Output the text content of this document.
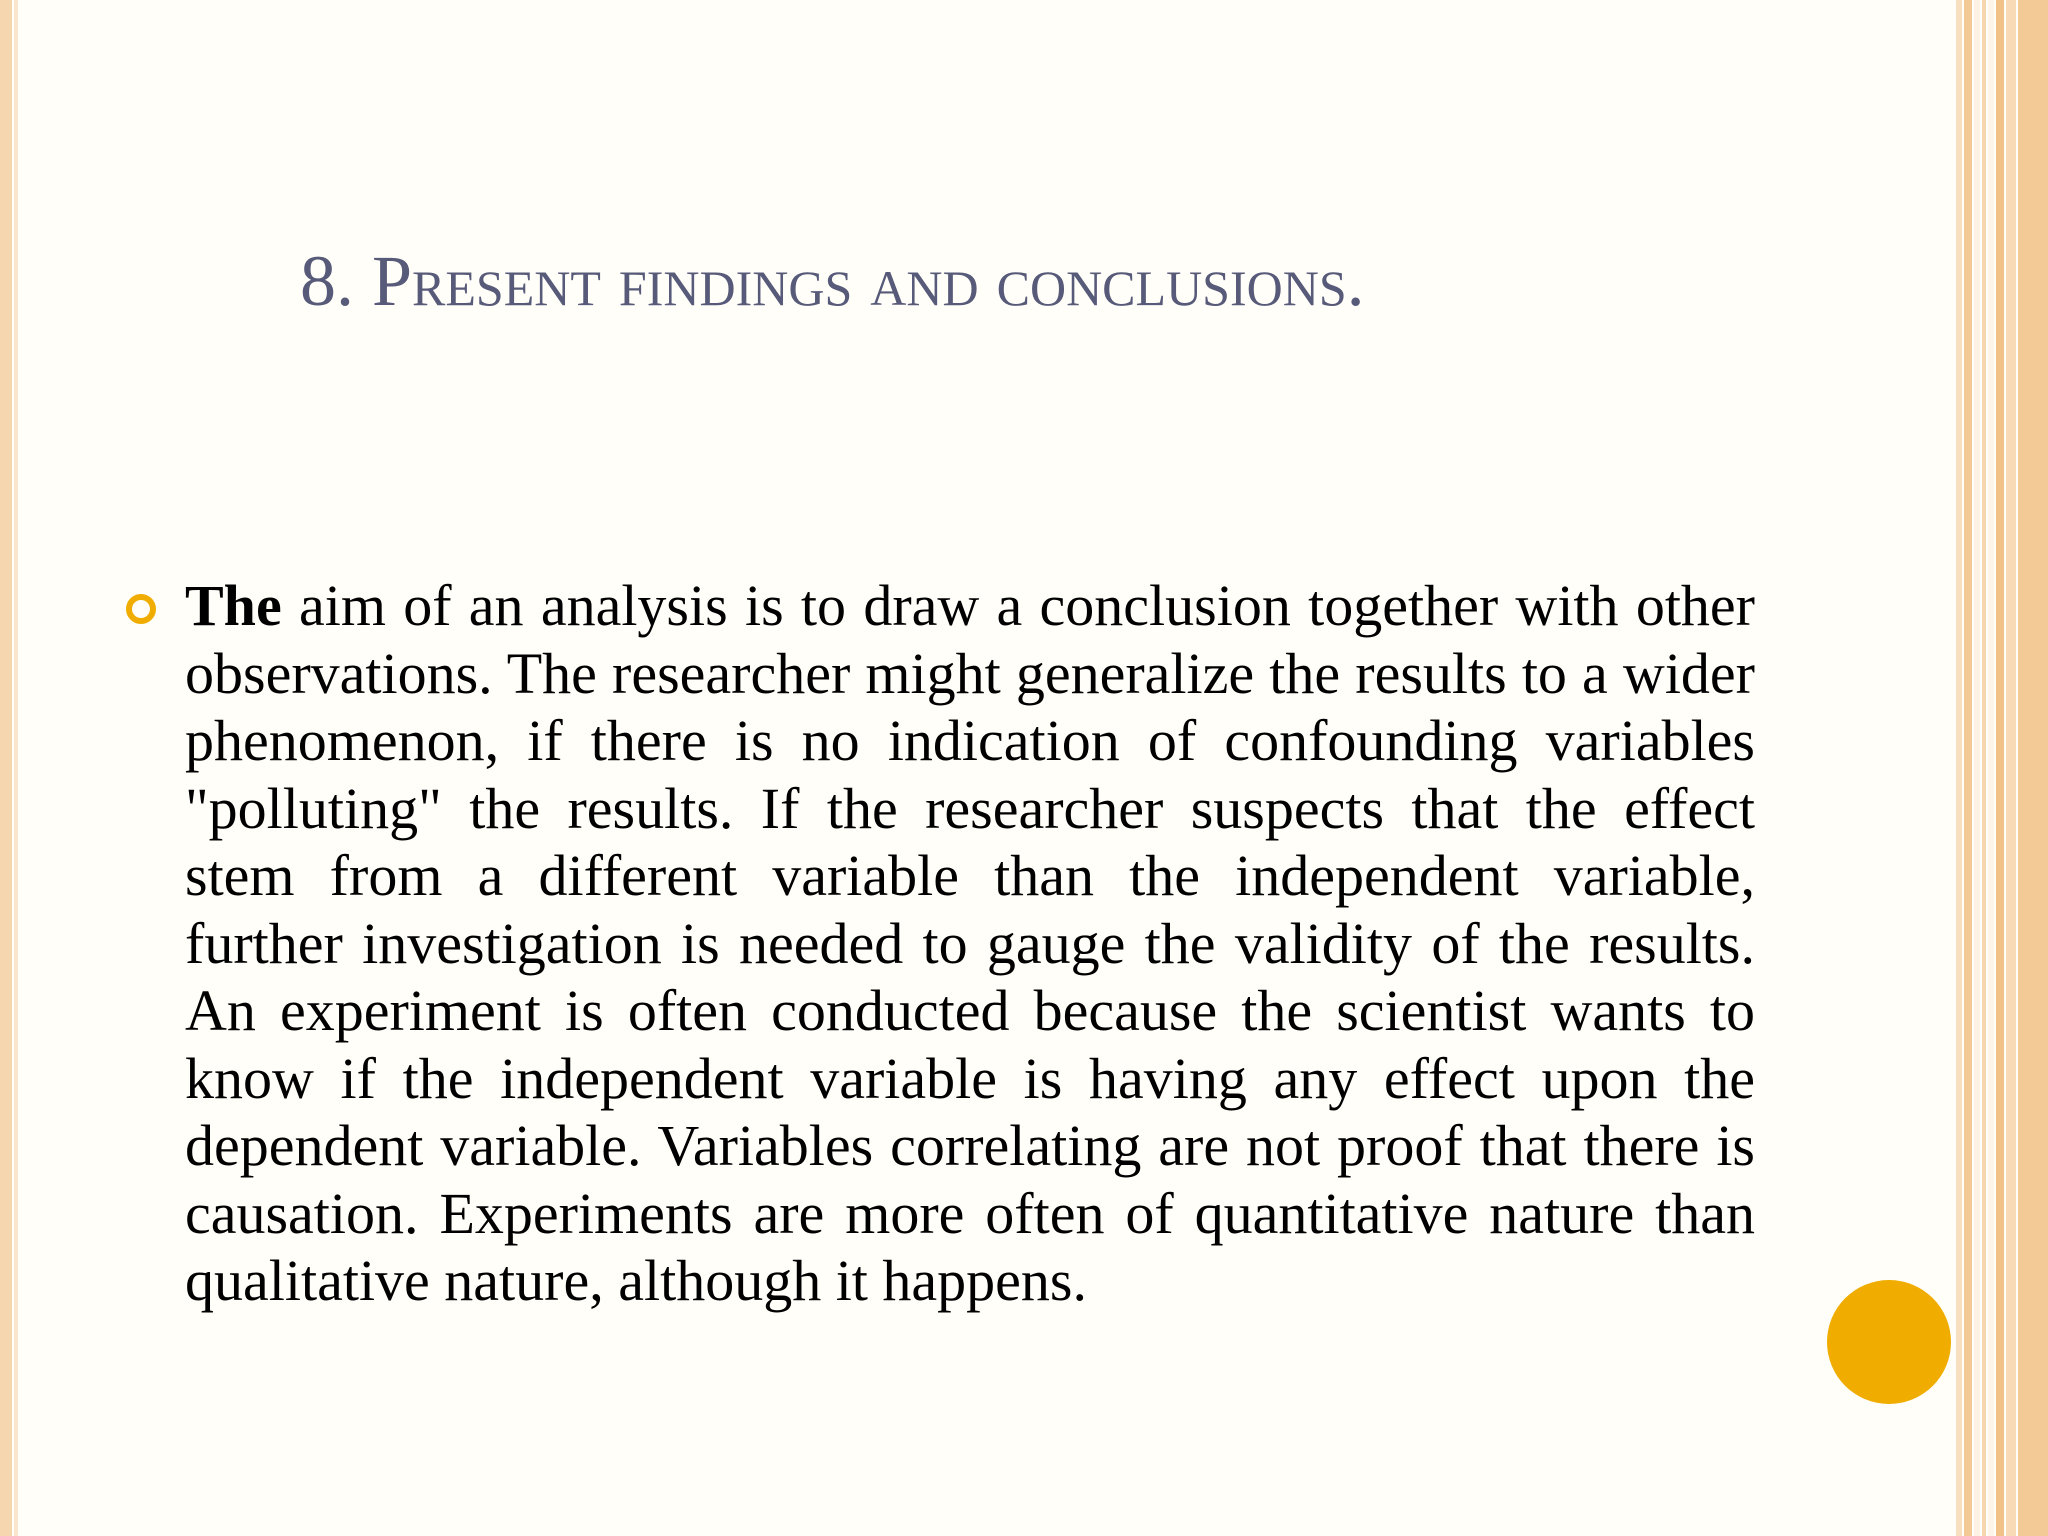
8. Present findings and conclusions.

The aim of an analysis is to draw a conclusion together with other observations. The researcher might generalize the results to a wider phenomenon, if there is no indication of confounding variables "polluting" the results. If the researcher suspects that the effect stem from a different variable than the independent variable, further investigation is needed to gauge the validity of the results. An experiment is often conducted because the scientist wants to know if the independent variable is having any effect upon the dependent variable. Variables correlating are not proof that there is causation. Experiments are more often of quantitative nature than qualitative nature, although it happens.
